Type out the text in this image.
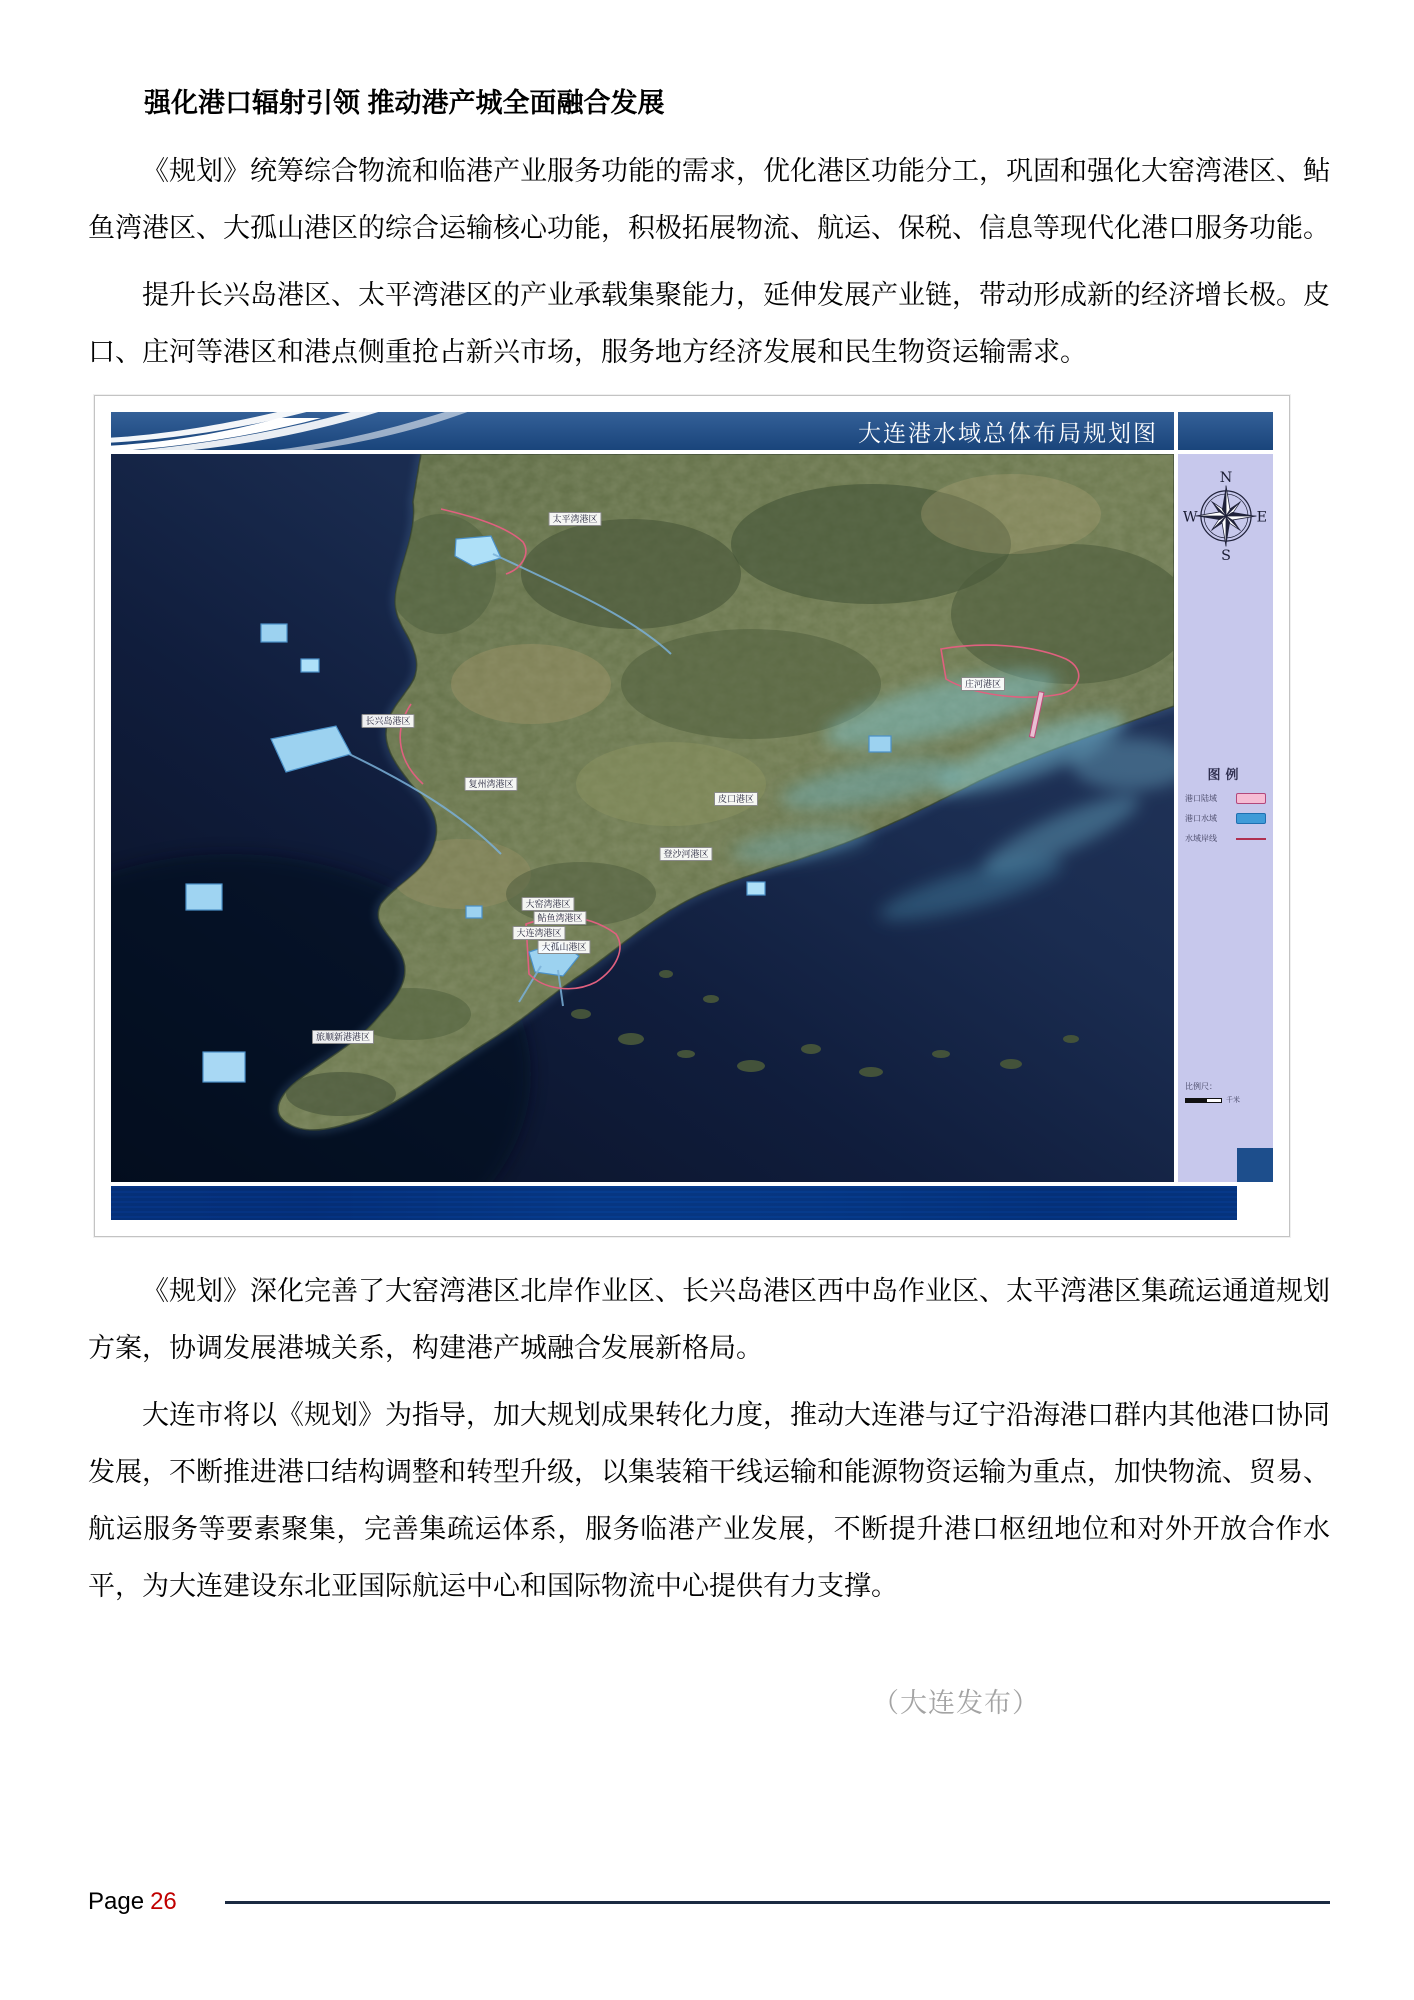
强化港口辐射引领 推动港产城全面融合发展

《规划》统筹综合物流和临港产业服务功能的需求，优化港区功能分工，巩固和强化大窑湾港区、鲇鱼湾港区、大孤山港区的综合运输核心功能，积极拓展物流、航运、保税、信息等现代化港口服务功能。

提升长兴岛港区、太平湾港区的产业承载集聚能力，延伸发展产业链，带动形成新的经济增长极。皮口、庄河等港区和港点侧重抢占新兴市场，服务地方经济发展和民生物资运输需求。

大连港水域总体布局规划图
太平湾港区
庄河港区
长兴岛港区
复州湾港区
皮口港区
登沙河港区
大窑湾港区
鲇鱼湾港区
大连湾港区
大孤山港区
旅顺新港港区
N
E
S
W
图例
港口陆域
港口水域
水域岸线
比例尺：
千米

《规划》深化完善了大窑湾港区北岸作业区、长兴岛港区西中岛作业区、太平湾港区集疏运通道规划方案，协调发展港城关系，构建港产城融合发展新格局。

大连市将以《规划》为指导，加大规划成果转化力度，推动大连港与辽宁沿海港口群内其他港口协同发展，不断推进港口结构调整和转型升级，以集装箱干线运输和能源物资运输为重点，加快物流、贸易、航运服务等要素聚集，完善集疏运体系，服务临港产业发展，不断提升港口枢纽地位和对外开放合作水平，为大连建设东北亚国际航运中心和国际物流中心提供有力支撑。

（大连发布）
Page 26
